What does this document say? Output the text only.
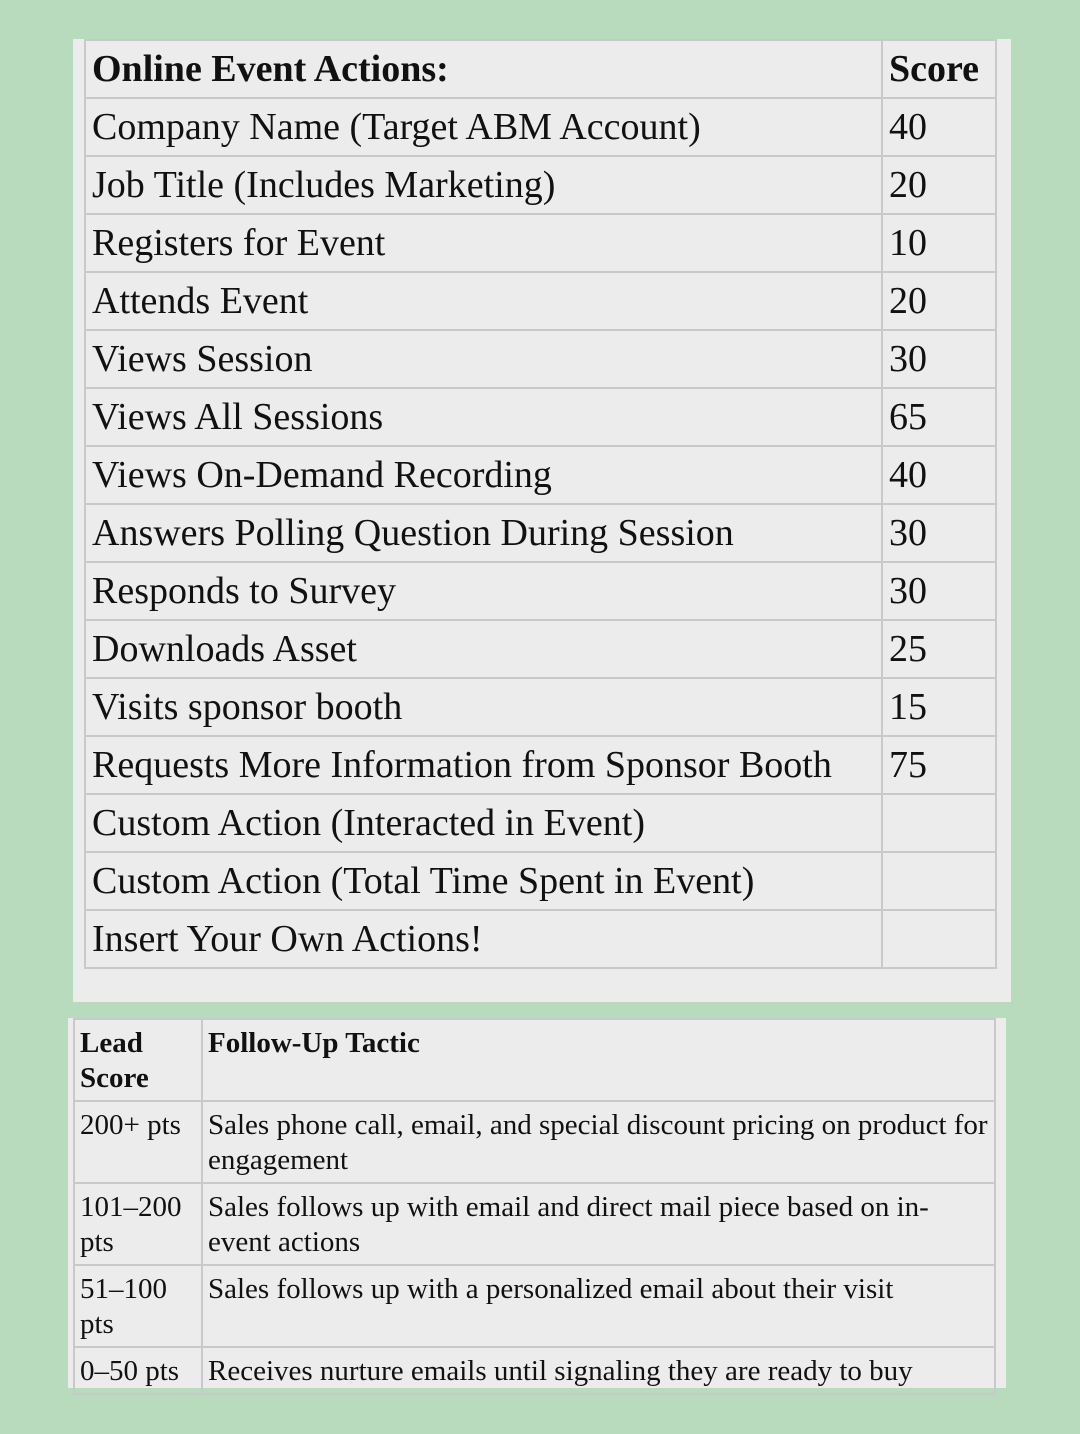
Online Event Actions:	Score
Company Name (Target ABM Account)	40
Job Title (Includes Marketing)	20
Registers for Event	10
Attends Event	20
Views Session	30
Views All Sessions	65
Views On-Demand Recording	40
Answers Polling Question During Session	30
Responds to Survey	30
Downloads Asset	25
Visits sponsor booth	15
Requests More Information from Sponsor Booth	75
Custom Action (Interacted in Event)	
Custom Action (Total Time Spent in Event)	
Insert Your Own Actions!	
Lead Score	Follow-Up Tactic
200+ pts	Sales phone call, email, and special discount pricing on product for engagement
101–200 pts	Sales follows up with email and direct mail piece based on in-event actions
51–100 pts	Sales follows up with a personalized email about their visit
0–50 pts	Receives nurture emails until signaling they are ready to buy
